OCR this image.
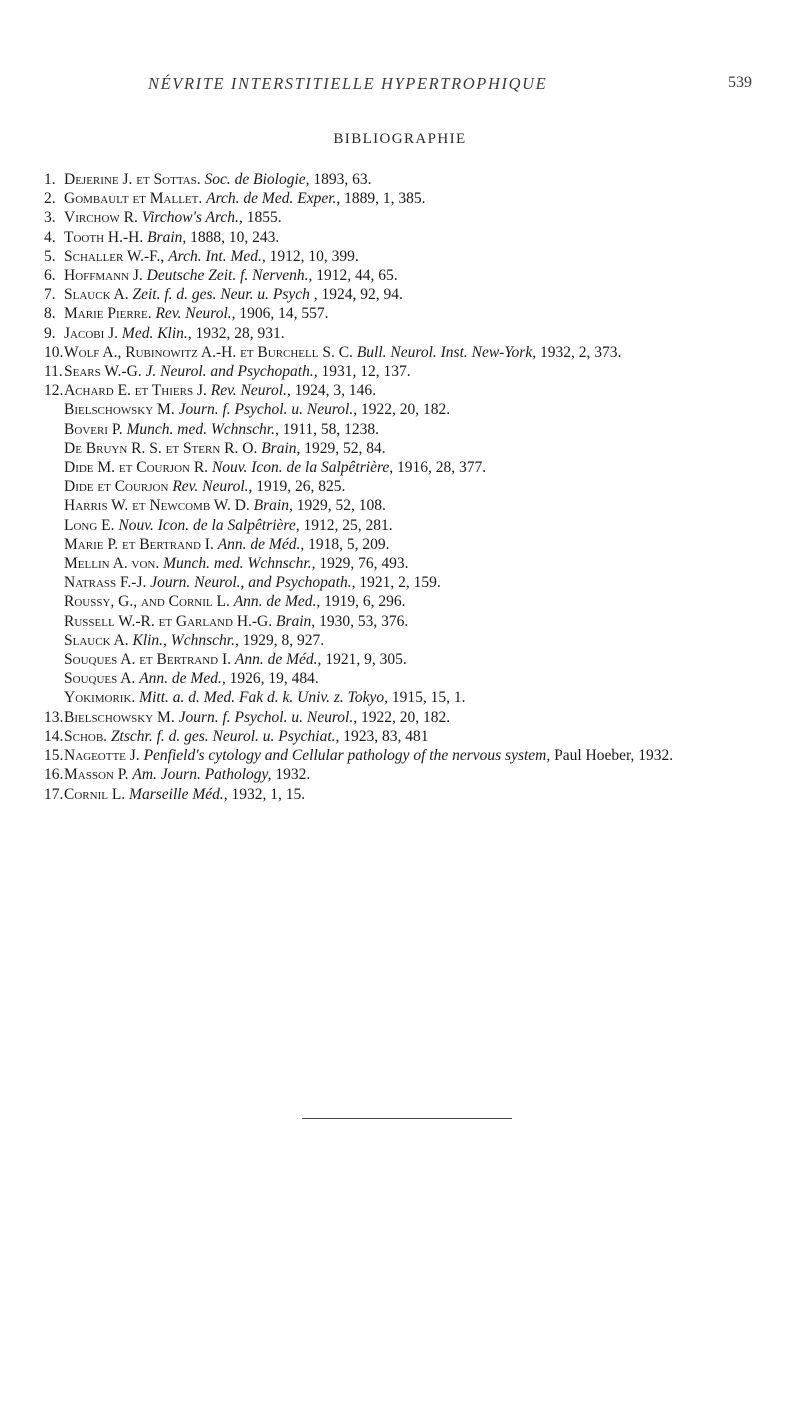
NÉVRITE INTERSTITIELLE HYPERTROPHIQUE	539
BIBLIOGRAPHIE
1. Dejerine J. et Sottas. Soc. de Biologie, 1893, 63.
2. Gombault et Mallet. Arch. de Med. Exper., 1889, 1, 385.
3. Virchow R. Virchow's Arch., 1855.
4. Tooth H.-H. Brain, 1888, 10, 243.
5. Schaller W.-F., Arch. Int. Med., 1912, 10, 399.
6. Hoffmann J. Deutsche Zeit. f. Nervenh., 1912, 44, 65.
7. Slauck A. Zeit. f. d. ges. Neur. u. Psych , 1924, 92, 94.
8. Marie Pierre. Rev. Neurol., 1906, 14, 557.
9. Jacobi J. Med. Klin., 1932, 28, 931.
10.Wolf A., Rubinowitz A.-H. et Burchell S. C. Bull. Neurol. Inst. New-York, 1932, 2, 373.
11.Sears W.-G. J. Neurol. and Psychopath., 1931, 12, 137.
12.Achard E. et Thiers J. Rev. Neurol., 1924, 3, 146.
Bielschowsky M. Journ. f. Psychol. u. Neurol., 1922, 20, 182.
Boveri P. Munch. med. Wchnschr., 1911, 58, 1238.
De Bruyn R. S. et Stern R. O. Brain, 1929, 52, 84.
Dide M. et Courjon R. Nouv. Icon. de la Salpêtrière, 1916, 28, 377.
Dide et Courjon Rev. Neurol., 1919, 26, 825.
Harris W. et Newcomb W. D. Brain, 1929, 52, 108.
Long E. Nouv. Icon. de la Salpêtrière, 1912, 25, 281.
Marie P. et Bertrand I. Ann. de Méd., 1918, 5, 209.
Mellin A. von. Munch. med. Wchnschr., 1929, 76, 493.
Natrass F.-J. Journ. Neurol., and Psychopath., 1921, 2, 159.
Roussy, G., and Cornil L. Ann. de Med., 1919, 6, 296.
Russell W.-R. et Garland H.-G. Brain, 1930, 53, 376.
Slauck A. Klin., Wchnschr., 1929, 8, 927.
Souques A. et Bertrand I. Ann. de Méd., 1921, 9, 305.
Souques A. Ann. de Med., 1926, 19, 484.
Yokimorik. Mitt. a. d. Med. Fak d. k. Univ. z. Tokyo, 1915, 15, 1.
13.Bielschowsky M. Journ. f. Psychol. u. Neurol., 1922, 20, 182.
14.Schob. Ztschr. f. d. ges. Neurol. u. Psychiat., 1923, 83, 481
15.Nageotte J. Penfield's cytology and Cellular pathology of the nervous system, Paul Hoeber, 1932.
16.Masson P. Am. Journ. Pathology, 1932.
17.Cornil L. Marseille Méd., 1932, 1, 15.
